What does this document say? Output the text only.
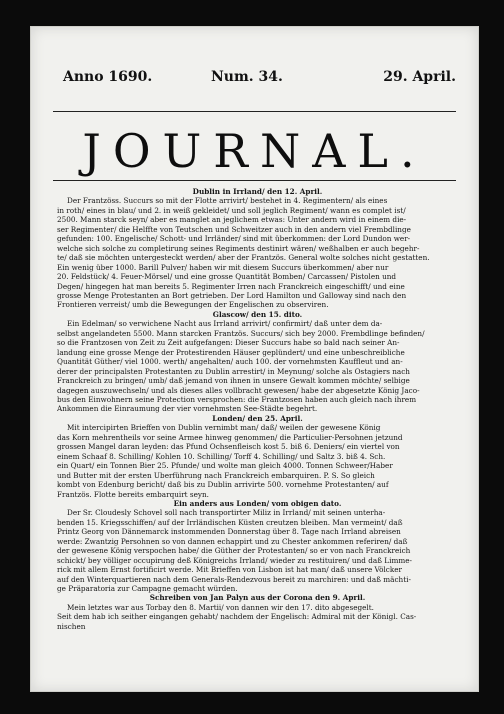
Anno 1690.	Num. 34.	29. April.
JOURNAL.
Dublin in Irrland/ den 12. April.
Der Frantzöss. Succurs so mit der Flotte arrivirt/ bestehet in 4. Regimentern/ als eines
in roth/ eines in blau/ und 2. in weiß gekleidet/ und soll jeglich Regiment/ wann es complet ist/
2500. Mann starck seyn/ aber es manglet an jeglichem etwas: Unter andern wird in einem die-
ser Regimenter/ die Helffte von Teutschen und Schweitzer auch in den andern viel Frembdlinge
gefunden: 100. Engelische/ Schott- und Irrländer/ sind mit überkommen: der Lord Dundon wer-
welche sich solche zu completirung seines Regiments destinirt wären/ weßhalben er auch begehr-
te/ daß sie möchten untergesteckt werden/ aber der Frantzös. General wolte solches nicht gestatten.
Ein wenig über 1000. Barill Pulver/ haben wir mit diesem Succurs überkommen/ aber nur
20. Feldstück/ 4. Feuer-Mörsel/ und eine grosse Quantität Bomben/ Carcassen/ Pistolen und
Degen/ hingegen hat man bereits 5. Regimenter Irren nach Franckreich eingeschifft/ und eine
grosse Menge Protestanten an Bort getrieben. Der Lord Hamilton und Galloway sind nach den
Frontieren verreist/ umb die Bewegungen der Engelischen zu observiren.
Glascow/ den 15. dito.
Ein Edelman/ so verwichene Nacht aus Irrland arrivirt/ confirmirt/ daß unter dem da-
selbst angelandeten 5500. Mann starcken Frantzös. Succurs/ sich bey 2000. Frembdlinge befinden/
so die Frantzosen von Zeit zu Zeit aufgefangen: Dieser Succurs habe so bald nach seiner An-
landung eine grosse Menge der Protestirenden Häuser geplündert/ und eine unbeschreibliche
Quantität Güther/ viel 1000. werth/ angehalten/ auch 100. der vornehmsten Kauffleut und an-
derer der principalsten Protestanten zu Dublin arrestirt/ in Meynung/ solche als Ostagiers nach
Franckreich zu bringen/ umb/ daß jemand von ihnen in unsere Gewalt kommen möchte/ selbige
dagegen auszuwechseln/ und als dieses alles vollbracht gewesen/ habe der abgesetzte König Jaco-
bus den Einwohnern seine Protection versprochen: die Frantzosen haben auch gleich nach ihrem
Ankommen die Einraumung der vier vornehmsten See-Städte begehrt.
Londen/ den 25. April.
Mit intercipirten Brieffen von Dublin vernimbt man/ daß/ weilen der gewesene König
das Korn mehrentheils vor seine Armee hinweg genommen/ die Particulier-Persohnen jetzund
grossen Mangel daran leyden: das Pfund Ochsenfleisch kost 5. biß 6. Deniers/ ein viertel von
einem Schaaf 8. Schilling/ Kohlen 10. Schilling/ Torff 4. Schilling/ und Saltz 3. biß 4. Sch.
ein Quart/ ein Tonnen Bier 25. Pfunde/ und wolte man gleich 4000. Tonnen Schweer/Haber
und Butter mit der ersten Uberführung nach Franckreich embarquiren. P. S. So gleich
kombt von Edenburg bericht/ daß bis zu Dublin arrivirte 500. vornehme Protestanten/ auf
Frantzös. Flotte bereits embarquirt seyn.
Ein anders aus Londen/ vom obigen dato.
Der Sr. Cloudesly Schovel soll nach transportirter Miliz in Irrland/ mit seinen unterha-
benden 15. Kriegsschiffen/ auf der Irrländischen Küsten creutzen bleiben. Man vermeint/ daß
Printz Georg von Dännemarck instommenden Donnerstag über 8. Tage nach Irrland abreisen
werde: Zwantzig Persohnen so von dannen echappirt und zu Chester ankommen referiren/ daß
der gewesene König verspochen habe/ die Güther der Protestanten/ so er von nach Franckreich
schickt/ bey völliger occupirung deß Königreichs Irrland/ wieder zu restituiren/ und daß Limme-
rick mit allem Ernst fortificirt werde. Mit Brieffen von Lisbon ist hat man/ daß unsere Völcker
auf den Winterquartieren nach dem Generals-Rendezvous bereit zu marchiren: und daß mächti-
ge Präparatoria zur Campagne gemacht würden.
Schreiben von Jan Palyn aus der Corona den 9. April.
Mein letztes war aus Torbay den 8. Martii/ von dannen wir den 17. dito abgesegelt.
Seit dem hab ich seither eingangen gehabt/ nachdem der Engelisch: Admiral mit der Königl. Cas-
nischen
